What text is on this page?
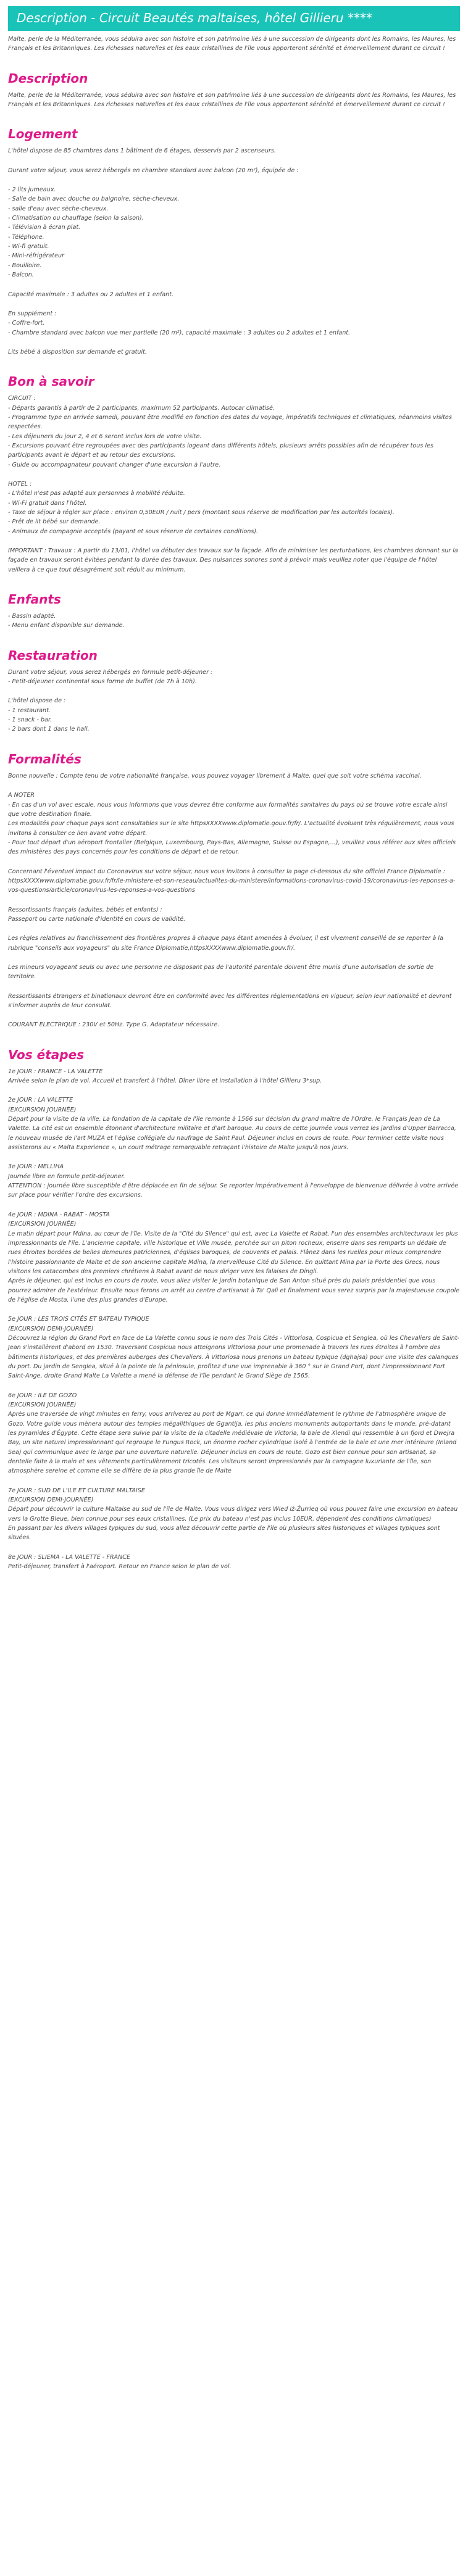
Description - Circuit Beautés maltaises, hôtel Gillieru ****

Malte, perle de la Méditerranée, vous séduira avec son histoire et son patrimoine liés à une succession de dirigeants dont les Romains, les Maures, les Français et les Britanniques. Les richesses naturelles et les eaux cristallines de l'île vous apporteront sérénité et émerveillement durant ce circuit !

Description

Malte, perle de la Méditerranée, vous séduira avec son histoire et son patrimoine liés à une succession de dirigeants dont les Romains, les Maures, les Français et les Britanniques. Les richesses naturelles et les eaux cristallines de l'île vous apporteront sérénité et émerveillement durant ce circuit !

Logement

L'hôtel dispose de 85 chambres dans 1 bâtiment de 6 étages, desservis par 2 ascenseurs.

Durant votre séjour, vous serez hébergés en chambre standard avec balcon (20 m²), équipée de :

- 2 lits jumeaux.
- Salle de bain avec douche ou baignoire, sèche-cheveux.
- salle d'eau avec sèche-cheveux.
- Climatisation ou chauffage (selon la saison).
- Télévision à écran plat.
- Téléphone.
- Wi-fi gratuit.
- Mini-réfrigérateur
- Bouilloire.
- Balcon.

Capacité maximale : 3 adultes ou 2 adultes et 1 enfant.

En supplément :
- Coffre-fort.
- Chambre standard avec balcon vue mer partielle (20 m²), capacité maximale : 3 adultes ou 2 adultes et 1 enfant.

Lits bébé à disposition sur demande et gratuit.

Bon à savoir

CIRCUIT :
- Départs garantis à partir de 2 participants, maximum 52 participants. Autocar climatisé.
- Programme type en arrivée samedi, pouvant être modifié en fonction des dates du voyage, impératifs techniques et climatiques, néanmoins visites respectées.
- Les déjeuners du jour 2, 4 et 6 seront inclus lors de votre visite.
- Excursions pouvant être regroupées avec des participants logeant dans différents hôtels, plusieurs arrêts possibles afin de récupérer tous les participants avant le départ et au retour des excursions.
- Guide ou accompagnateur pouvant changer d'une excursion à l'autre.

HOTEL :
- L'hôtel n'est pas adapté aux personnes à mobilité réduite.
- Wi-Fi gratuit dans l'hôtel.
- Taxe de séjour à régler sur place : environ 0,50EUR / nuit / pers (montant sous réserve de modification par les autorités locales).
- Prêt de lit bébé sur demande.
- Animaux de compagnie acceptés (payant et sous réserve de certaines conditions).

IMPORTANT : Travaux : A partir du 13/01, l'hôtel va débuter des travaux sur la façade. Afin de minimiser les perturbations, les chambres donnant sur la façade en travaux seront évitées pendant la durée des travaux. Des nuisances sonores sont à prévoir mais veuillez noter que l'équipe de l'hôtel veillera à ce que tout désagrément soit réduit au minimum.

Enfants

- Bassin adapté.
- Menu enfant disponible sur demande.

Restauration

Durant votre séjour, vous serez hébergés en formule petit-déjeuner :
- Petit-déjeuner continental sous forme de buffet (de 7h à 10h).

L'hôtel dispose de :
- 1 restaurant.
- 1 snack - bar.
- 2 bars dont 1 dans le hall.

Formalités

Bonne nouvelle : Compte tenu de votre nationalité française, vous pouvez voyager librement à Malte, quel que soit votre schéma vaccinal.

A NOTER
- En cas d'un vol avec escale, nous vous informons que vous devrez être conforme aux formalités sanitaires du pays où se trouve votre escale ainsi que votre destination finale.
Les modalités pour chaque pays sont consultables sur le site httpsXXXXwww.diplomatie.gouv.fr/fr/. L'actualité évoluant très régulièrement, nous vous invitons à consulter ce lien avant votre départ.
- Pour tout départ d'un aéroport frontalier (Belgique, Luxembourg, Pays-Bas, Allemagne, Suisse ou Espagne,...), veuillez vous référer aux sites officiels des ministères des pays concernés pour les conditions de départ et de retour.

Concernant l'éventuel impact du Coronavirus sur votre séjour, nous vous invitons à consulter la page ci-dessous du site officiel France Diplomatie :
httpsXXXXwww.diplomatie.gouv.fr/fr/le-ministere-et-son-reseau/actualites-du-ministere/informations-coronavirus-covid-19/coronavirus-les-reponses-a-vos-questions/article/coronavirus-les-reponses-a-vos-questions

Ressortissants français (adultes, bébés et enfants) :
Passeport ou carte nationale d'identité en cours de validité.

Les règles relatives au franchissement des frontières propres à chaque pays étant amenées à évoluer, il est vivement conseillé de se reporter à la rubrique "conseils aux voyageurs" du site France Diplomatie,httpsXXXXwww.diplomatie.gouv.fr/.

Les mineurs voyageant seuls ou avec une personne ne disposant pas de l'autorité parentale doivent être munis d'une autorisation de sortie de territoire.

Ressortissants étrangers et binationaux devront être en conformité avec les différentes réglementations en vigueur, selon leur nationalité et devront s'informer auprès de leur consulat.

COURANT ELECTRIQUE : 230V et 50Hz. Type G. Adaptateur nécessaire.

Vos étapes

1e JOUR : FRANCE - LA VALETTE
Arrivée selon le plan de vol. Accueil et transfert à l'hôtel. Dîner libre et installation à l'hôtel Gillieru 3*sup.

2e JOUR : LA VALETTE
(EXCURSION JOURNÉE)
Départ pour la visite de la ville. La fondation de la capitale de l'île remonte à 1566 sur décision du grand maître de l'Ordre, le Français Jean de La Valette. La cité est un ensemble étonnant d'architecture militaire et d'art baroque. Au cours de cette journée vous verrez les jardins d'Upper Barracca, le nouveau musée de l'art MUZA et l'église collégiale du naufrage de Saint Paul. Déjeuner inclus en cours de route. Pour terminer cette visite nous assisterons au « Malta Experience », un court métrage remarquable retraçant l'histoire de Malte jusqu'à nos jours.

3e JOUR : MELLIHA
Journée libre en formule petit-déjeuner.
ATTENTION : journée libre susceptible d'être déplacée en fin de séjour. Se reporter impérativement à l'enveloppe de bienvenue délivrée à votre arrivée sur place pour vérifier l'ordre des excursions.

4e JOUR : MDINA - RABAT - MOSTA
(EXCURSION JOURNÉE)
Le matin départ pour Mdina, au cœur de l'île. Visite de la "Cité du Silence" qui est, avec La Valette et Rabat, l'un des ensembles architecturaux les plus impressionnants de l'île. L'ancienne capitale, ville historique et Ville musée, perchée sur un piton rocheux, enserre dans ses remparts un dédale de rues étroites bordées de belles demeures patriciennes, d'églises baroques, de couvents et palais. Flânez dans les ruelles pour mieux comprendre l'histoire passionnante de Malte et de son ancienne capitale Mdina, la merveilleuse Cité du Silence. En quittant Mina par la Porte des Grecs, nous visitons les catacombes des premiers chrétiens à Rabat avant de nous diriger vers les falaises de Dingli.
Après le déjeuner, qui est inclus en cours de route, vous allez visiter le jardin botanique de San Anton situé près du palais présidentiel que vous pourrez admirer de l'extérieur. Ensuite nous ferons un arrêt au centre d'artisanat à Ta' Qali et finalement vous serez surpris par la majestueuse coupole de l'église de Mosta, l'une des plus grandes d'Europe.

5e JOUR : LES TROIS CITÉS ET BATEAU TYPIQUE
(EXCURSION DEMI-JOURNÉE)
Découvrez la région du Grand Port en face de La Valette connu sous le nom des Trois Cités - Vittoriosa, Cospicua et Senglea, où les Chevaliers de Saint-Jean s'installèrent d'abord en 1530. Traversant Cospicua nous atteignons Vittoriosa pour une promenade à travers les rues étroites à l'ombre des bâtiments historiques, et des premières auberges des Chevaliers. À Vittoriosa nous prenons un bateau typique (dghajsa) pour une visite des calanques du port. Du jardin de Senglea, situé à la pointe de la péninsule, profitez d'une vue imprenable à 360 ° sur le Grand Port, dont l'impressionnant Fort Saint-Ange, droite Grand Malte La Valette a mené la défense de l'île pendant le Grand Siège de 1565.

6e JOUR : ILE DE GOZO
(EXCURSION JOURNÉE)
Après une traversée de vingt minutes en ferry, vous arriverez au port de Mgarr, ce qui donne immédiatement le rythme de l'atmosphère unique de Gozo. Votre guide vous mènera autour des temples mégalithiques de Ggantija, les plus anciens monuments autoportants dans le monde, pré-datant les pyramides d'Égypte. Cette étape sera suivie par la visite de la citadelle médiévale de Victoria, la baie de Xlendi qui ressemble à un fjord et Dwejra Bay, un site naturel impressionnant qui regroupe le Fungus Rock, un énorme rocher cylindrique isolé à l'entrée de la baie et une mer intérieure (Inland Sea) qui communique avec le large par une ouverture naturelle. Déjeuner inclus en cours de route. Gozo est bien connue pour son artisanat, sa dentelle faite à la main et ses vêtements particulièrement tricotés. Les visiteurs seront impressionnés par la campagne luxuriante de l'île, son atmosphère sereine et comme elle se diffère de la plus grande île de Malte

7e JOUR : SUD DE L'ILE ET CULTURE MALTAISE
(EXCURSION DEMI-JOURNÉE)
Départ pour découvrir la culture Maltaise au sud de l'île de Malte. Vous vous dirigez vers Wied iż-Żurrieq où vous pouvez faire une excursion en bateau vers la Grotte Bleue, bien connue pour ses eaux cristallines. (Le prix du bateau n'est pas inclus 10EUR, dépendent des conditions climatiques)
En passant par les divers villages typiques du sud, vous allez découvrir cette partie de l'île où plusieurs sites historiques et villages typiques sont situées.

8e JOUR : SLIEMA - LA VALETTE - FRANCE
Petit-déjeuner, transfert à l'aéroport. Retour en France selon le plan de vol.
